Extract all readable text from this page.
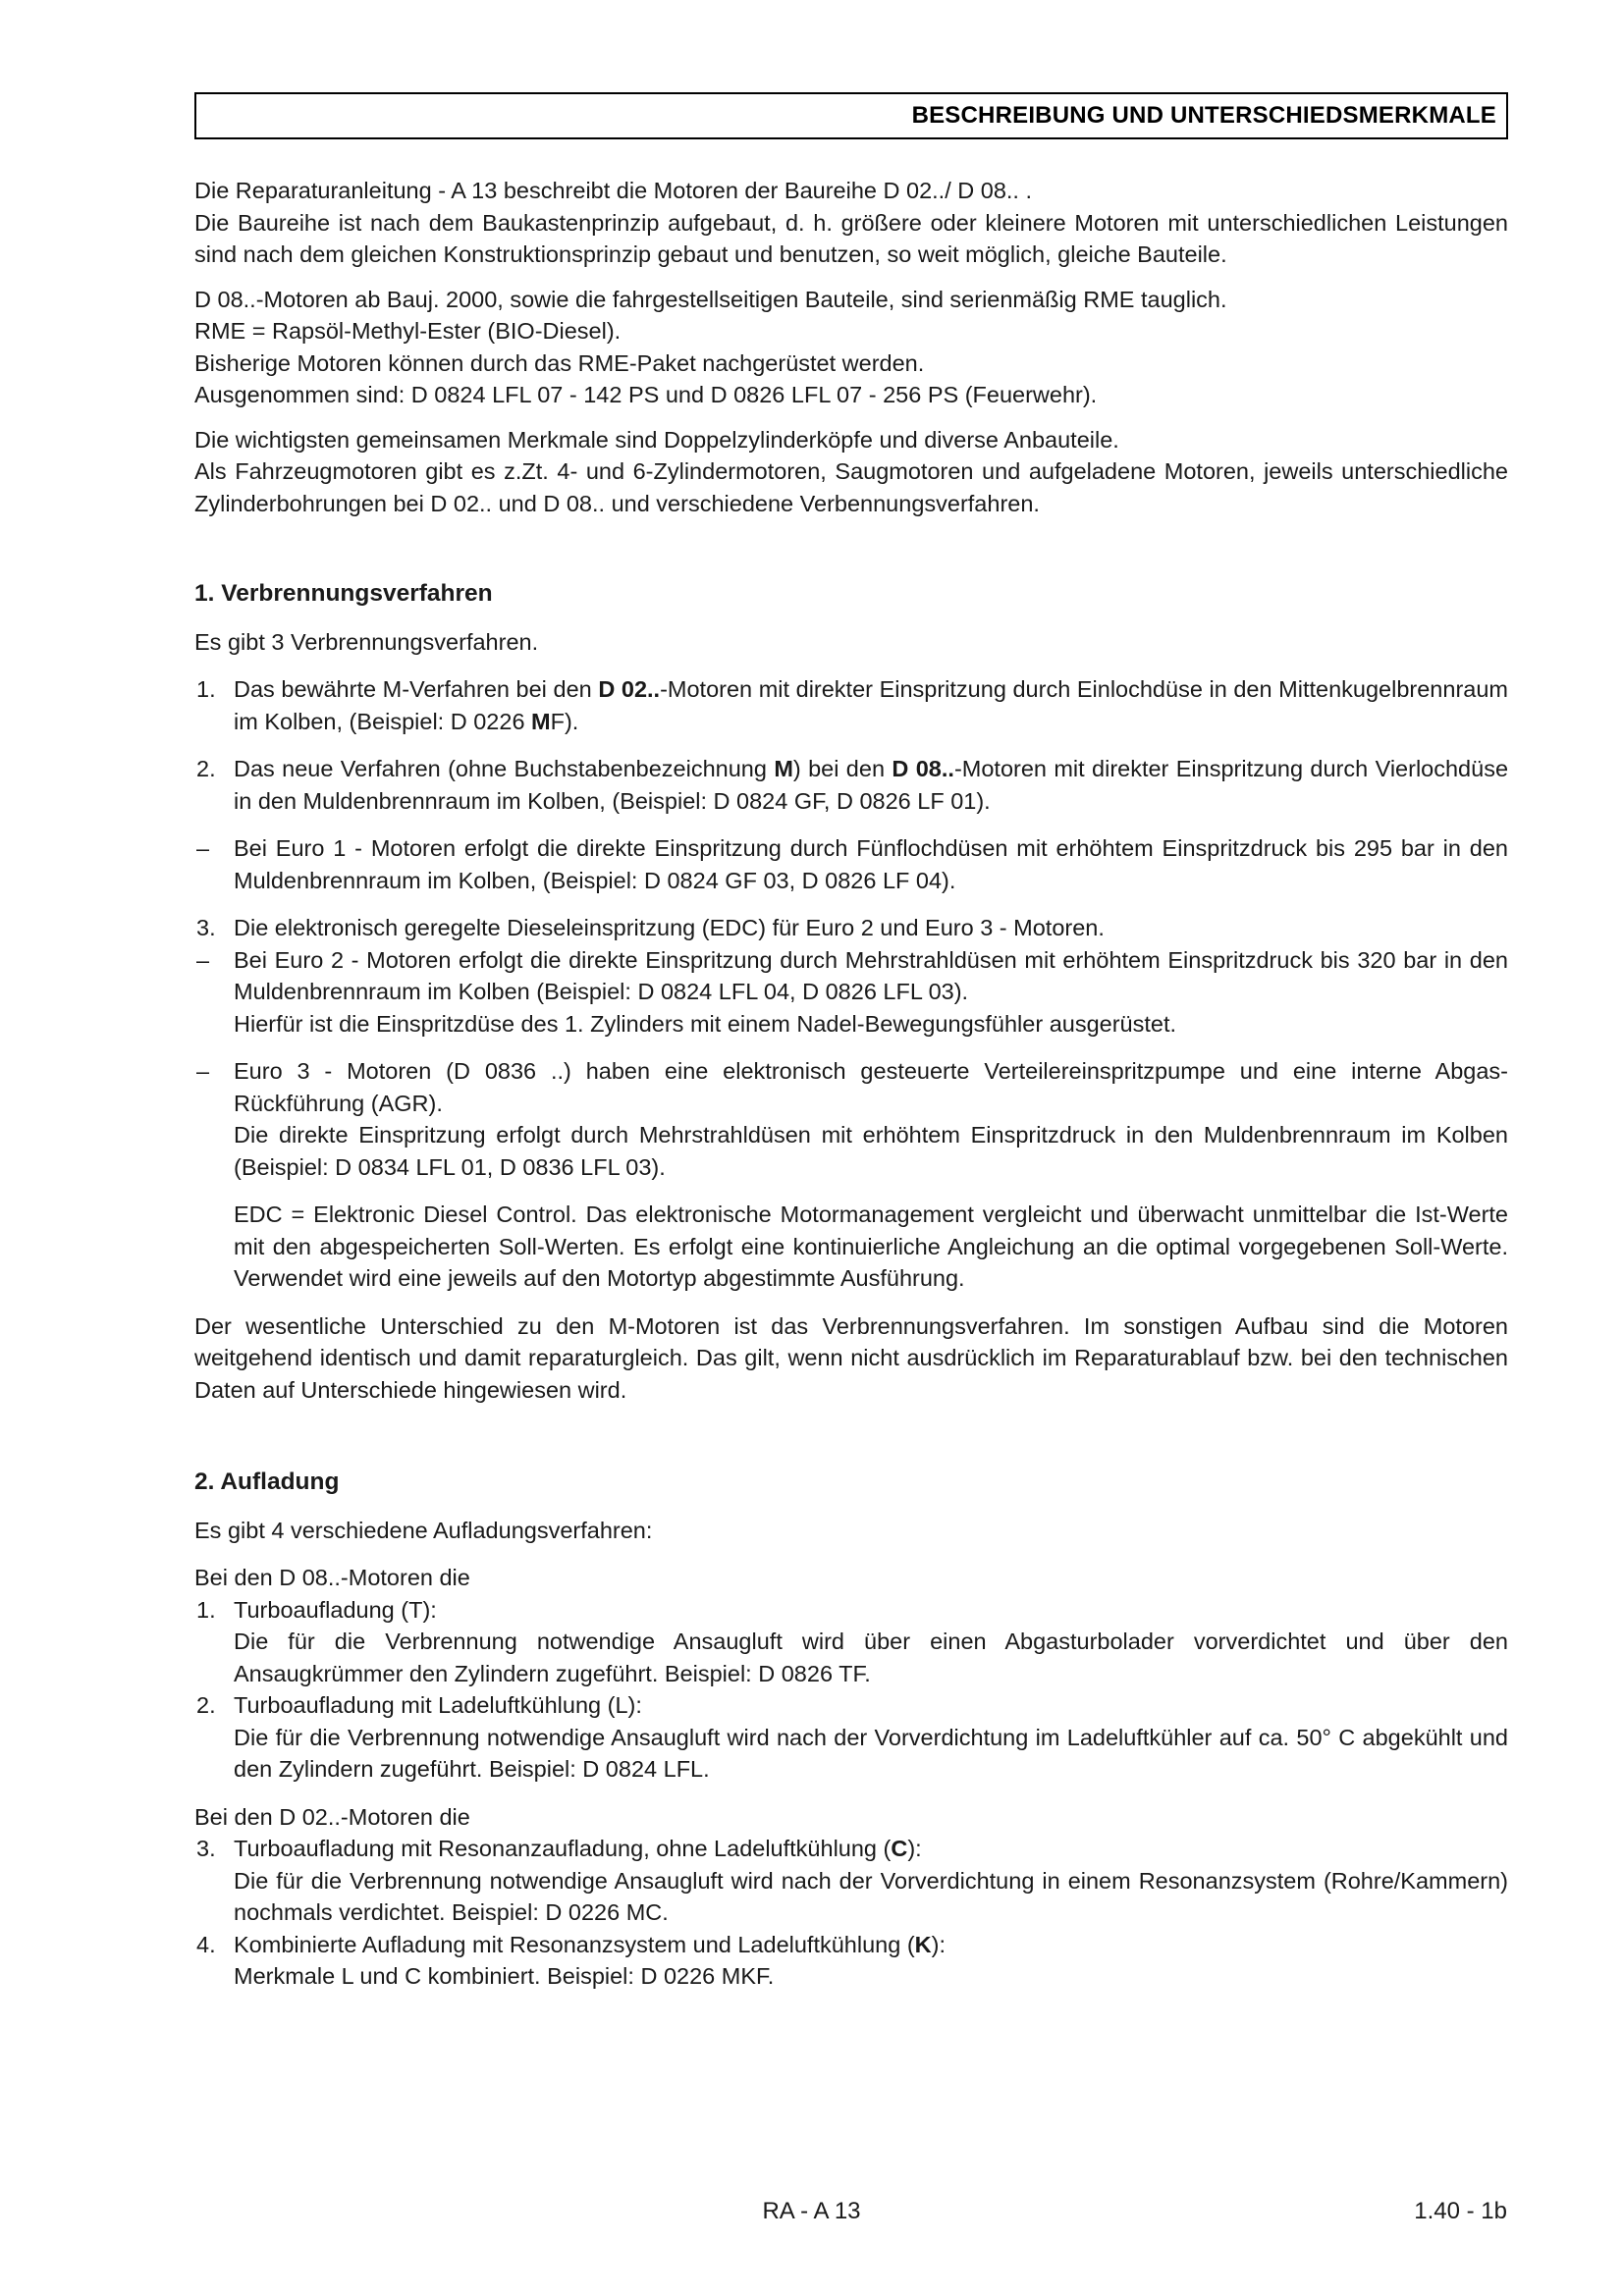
BESCHREIBUNG UND UNTERSCHIEDSMERKMALE

Die Reparaturanleitung - A 13 beschreibt die Motoren der Baureihe D 02../ D 08.. .

Die Baureihe ist nach dem Baukastenprinzip aufgebaut, d. h. größere oder kleinere Motoren mit unterschiedlichen Leistungen sind nach dem gleichen Konstruktionsprinzip gebaut und benutzen, so weit möglich, gleiche Bauteile.

D 08..-Motoren ab Bauj. 2000, sowie die fahrgestellseitigen Bauteile, sind serienmäßig RME tauglich.

RME = Rapsöl-Methyl-Ester (BIO-Diesel).

Bisherige Motoren können durch das RME-Paket nachgerüstet werden.

Ausgenommen sind: D 0824 LFL 07 - 142 PS und D 0826 LFL 07 - 256 PS (Feuerwehr).

Die wichtigsten gemeinsamen Merkmale sind Doppelzylinderköpfe und diverse Anbauteile.

Als Fahrzeugmotoren gibt es z.Zt. 4- und 6-Zylindermotoren, Saugmotoren und aufgeladene Motoren, jeweils unterschiedliche Zylinderbohrungen bei D 02.. und D 08.. und verschiedene Verbennungsverfahren.

1. Verbrennungsverfahren

Es gibt 3 Verbrennungsverfahren.

1. Das bewährte M-Verfahren bei den D 02..-Motoren mit direkter Einspritzung durch Einlochdüse in den Mittenkugelbrennraum im Kolben, (Beispiel: D 0226 MF).
2. Das neue Verfahren (ohne Buchstabenbezeichnung M) bei den D 08..-Motoren mit direkter Einspritzung durch Vierlochdüse in den Muldenbrennraum im Kolben, (Beispiel: D 0824 GF, D 0826 LF 01).
– Bei Euro 1 - Motoren erfolgt die direkte Einspritzung durch Fünflochdüsen mit erhöhtem Einspritzdruck bis 295 bar in den Muldenbrennraum im Kolben, (Beispiel: D 0824 GF 03, D 0826 LF 04).
3. Die elektronisch geregelte Dieseleinspritzung (EDC) für Euro 2 und Euro 3 - Motoren.
– Bei Euro 2 - Motoren erfolgt die direkte Einspritzung durch Mehrstrahldüsen mit erhöhtem Einspritzdruck bis 320 bar in den Muldenbrennraum im Kolben (Beispiel: D 0824 LFL 04, D 0826 LFL 03).

Hierfür ist die Einspritzdüse des 1. Zylinders mit einem Nadel-Bewegungsfühler ausgerüstet.

– Euro 3 - Motoren (D 0836 ..) haben eine elektronisch gesteuerte Verteilereinspritzpumpe und eine interne Abgas-Rückführung (AGR).

Die direkte Einspritzung erfolgt durch Mehrstrahldüsen mit erhöhtem Einspritzdruck in den Muldenbrennraum im Kolben (Beispiel: D 0834 LFL 01, D 0836 LFL 03).

EDC = Elektronic Diesel Control. Das elektronische Motormanagement vergleicht und überwacht unmittelbar die Ist-Werte mit den abgespeicherten Soll-Werten. Es erfolgt eine kontinuierliche Angleichung an die optimal vorgegebenen Soll-Werte. Verwendet wird eine jeweils auf den Motortyp abgestimmte Ausführung.

Der wesentliche Unterschied zu den M-Motoren ist das Verbrennungsverfahren. Im sonstigen Aufbau sind die Motoren weitgehend identisch und damit reparaturgleich. Das gilt, wenn nicht ausdrücklich im Reparaturablauf bzw. bei den technischen Daten auf Unterschiede hingewiesen wird.

2. Aufladung

Es gibt 4 verschiedene Aufladungsverfahren:

Bei den D 08..-Motoren die

1. Turboaufladung (T):

Die für die Verbrennung notwendige Ansaugluft wird über einen Abgasturbolader vorverdichtet und über den Ansaugkrümmer den Zylindern zugeführt. Beispiel: D 0826 TF.

2. Turboaufladung mit Ladeluftkühlung (L):

Die für die Verbrennung notwendige Ansaugluft wird nach der Vorverdichtung im Ladeluftkühler auf ca. 50° C abgekühlt und den Zylindern zugeführt. Beispiel: D 0824 LFL.

Bei den D 02..-Motoren die

3. Turboaufladung mit Resonanzaufladung, ohne Ladeluftkühlung (C):

Die für die Verbrennung notwendige Ansaugluft wird nach der Vorverdichtung in einem Resonanzsystem (Rohre/Kammern) nochmals verdichtet. Beispiel: D 0226 MC.

4. Kombinierte Aufladung mit Resonanzsystem und Ladeluftkühlung (K):

Merkmale L und C kombiniert. Beispiel: D 0226 MKF.

RA - A 13	1.40 - 1b
